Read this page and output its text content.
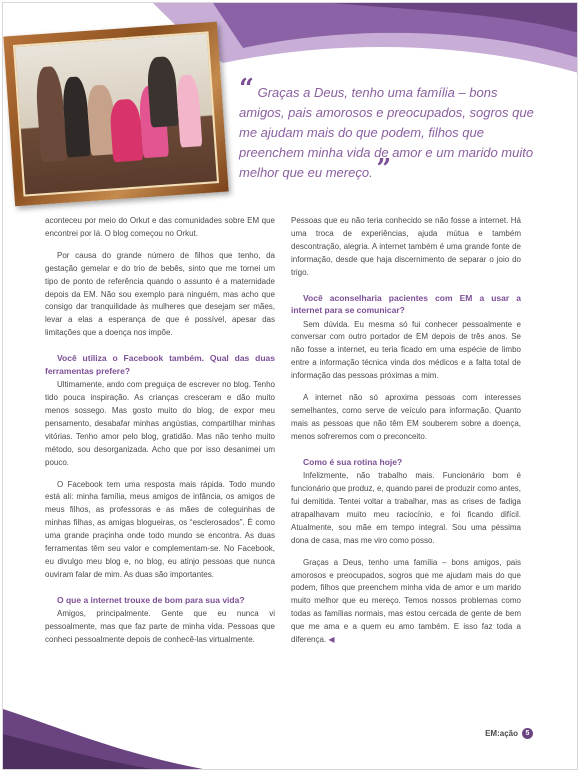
“ Graças a Deus, tenho uma família – bons amigos, pais amorosos e preocupados, sogros que me ajudam mais do que podem, filhos que preenchem minha vida de amor e um marido muito melhor que eu mereço. ”

aconteceu por meio do Orkut e das comunidades sobre EM que encontrei por lá. O blog começou no Orkut.

Por causa do grande número de filhos que tenho, da gestação gemelar e do trio de bebês, sinto que me tornei um tipo de ponto de referência quando o assunto é a maternidade depois da EM. Não sou exemplo para ninguém, mas acho que consigo dar tranquilidade às mulheres que desejam ser mães, levar a elas a esperança de que é possível, apesar das limitações que a doença nos impõe.

Você utiliza o Facebook também. Qual das duas ferramentas prefere?

Ultimamente, ando com preguiça de escrever no blog. Tenho tido pouca inspiração. As crianças cresceram e dão muito menos sossego. Mas gosto muito do blog, de expor meu pensamento, desabafar minhas angústias, compartilhar minhas vitórias. Tenho amor pelo blog, gratidão. Mas não tenho muito método, sou desorganizada. Acho que por isso desanimei um pouco.

O Facebook tem uma resposta mais rápida. Todo mundo está ali: minha família, meus amigos de infância, os amigos de meus filhos, as professoras e as mães de coleguinhas de minhas filhas, as amigas blogueiras, os “esclerosados”. É como uma grande praçinha onde todo mundo se encontra. As duas ferramentas têm seu valor e complementam-se. No Facebook, eu divulgo meu blog e, no blog, eu atinjo pessoas que nunca ouviram falar de mim. As duas são importantes.

O que a internet trouxe de bom para sua vida?

Amigos, principalmente. Gente que eu nunca vi pessoalmente, mas que faz parte de minha vida. Pessoas que conheci pessoalmente depois de conhecê-las virtualmente.

Pessoas que eu não teria conhecido se não fosse a internet. Há uma troca de experiências, ajuda mútua e também descontração, alegria. A internet também é uma grande fonte de informação, desde que haja discernimento de separar o joio do trigo.

Você aconselharia pacientes com EM a usar a internet para se comunicar?

Sem dúvida. Eu mesma só fui conhecer pessoalmente e conversar com outro portador de EM depois de três anos. Se não fosse a internet, eu teria ficado em uma espécie de limbo entre a informação técnica vinda dos médicos e a falta total de informação das pessoas próximas a mim.

A internet não só aproxima pessoas com interesses semelhantes, como serve de veículo para informação. Quanto mais as pessoas que não têm EM souberem sobre a doença, menos sofreremos com o preconceito.

Como é sua rotina hoje?

Infelizmente, não trabalho mais. Funcionário bom é funcionário que produz, e, quando parei de produzir como antes, fui demitida. Tentei voltar a trabalhar, mas as crises de fadiga atrapalhavam muito meu raciocínio, e foi ficando difícil. Atualmente, sou mãe em tempo integral. Sou uma péssima dona de casa, mas me viro como posso.

Graças a Deus, tenho uma família – bons amigos, pais amorosos e preocupados, sogros que me ajudam mais do que podem, filhos que preenchem minha vida de amor e um marido muito melhor que eu mereço. Temos nossos problemas como todas as famílias normais, mas estou cercada de gente de bem que me ama e a quem eu amo também. E isso faz toda a diferença. ◀

EM:ação	5
